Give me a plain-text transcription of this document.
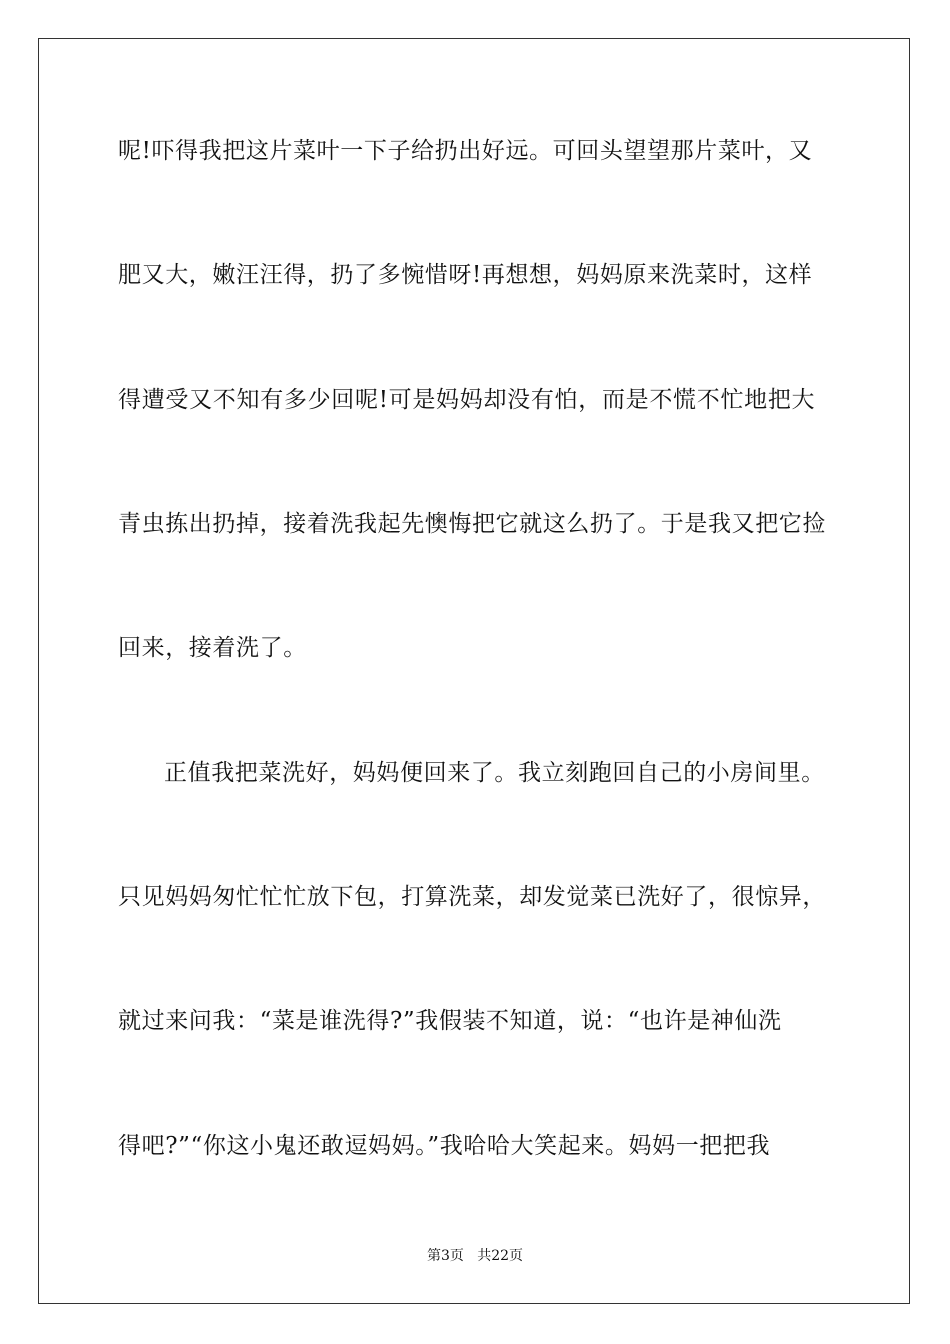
呢!吓得我把这片菜叶一下子给扔出好远。可回头望望那片菜叶，又
肥又大，嫩汪汪得，扔了多惋惜呀!再想想，妈妈原来洗菜时，这样
得遭受又不知有多少回呢!可是妈妈却没有怕，而是不慌不忙地把大
青虫拣出扔掉，接着洗我起先懊悔把它就这么扔了。于是我又把它捡
回来，接着洗了。
正值我把菜洗好，妈妈便回来了。我立刻跑回自己的小房间里。
只见妈妈匆忙忙忙放下包，打算洗菜，却发觉菜已洗好了，很惊异，
就过来问我：“菜是谁洗得?”我假装不知道，说：“也许是神仙洗
得吧?”“你这小鬼还敢逗妈妈。”我哈哈大笑起来。妈妈一把把我
第3页   共22页
